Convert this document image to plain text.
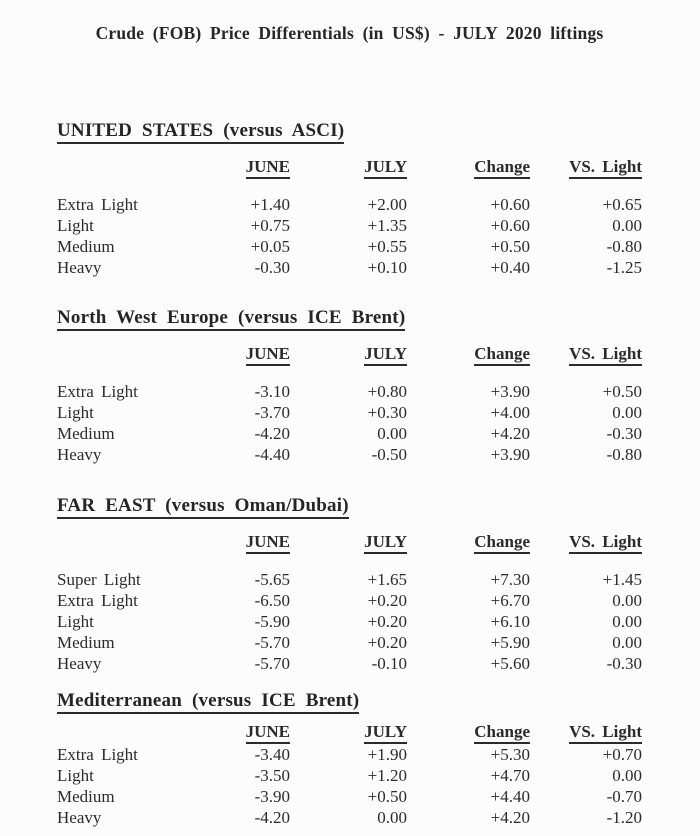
Crude (FOB) Price Differentials (in US$) - JULY 2020 liftings
UNITED STATES (versus ASCI)
JUNE	JULY	Change	VS. Light
Extra Light	+1.40	+2.00	+0.60	+0.65
Light	+0.75	+1.35	+0.60	0.00
Medium	+0.05	+0.55	+0.50	-0.80
Heavy	-0.30	+0.10	+0.40	-1.25
North West Europe (versus ICE Brent)
JUNE	JULY	Change	VS. Light
Extra Light	-3.10	+0.80	+3.90	+0.50
Light	-3.70	+0.30	+4.00	0.00
Medium	-4.20	0.00	+4.20	-0.30
Heavy	-4.40	-0.50	+3.90	-0.80
FAR EAST (versus Oman/Dubai)
JUNE	JULY	Change	VS. Light
Super Light	-5.65	+1.65	+7.30	+1.45
Extra Light	-6.50	+0.20	+6.70	0.00
Light	-5.90	+0.20	+6.10	0.00
Medium	-5.70	+0.20	+5.90	0.00
Heavy	-5.70	-0.10	+5.60	-0.30
Mediterranean (versus ICE Brent)
JUNE	JULY	Change	VS. Light
Extra Light	-3.40	+1.90	+5.30	+0.70
Light	-3.50	+1.20	+4.70	0.00
Medium	-3.90	+0.50	+4.40	-0.70
Heavy	-4.20	0.00	+4.20	-1.20
